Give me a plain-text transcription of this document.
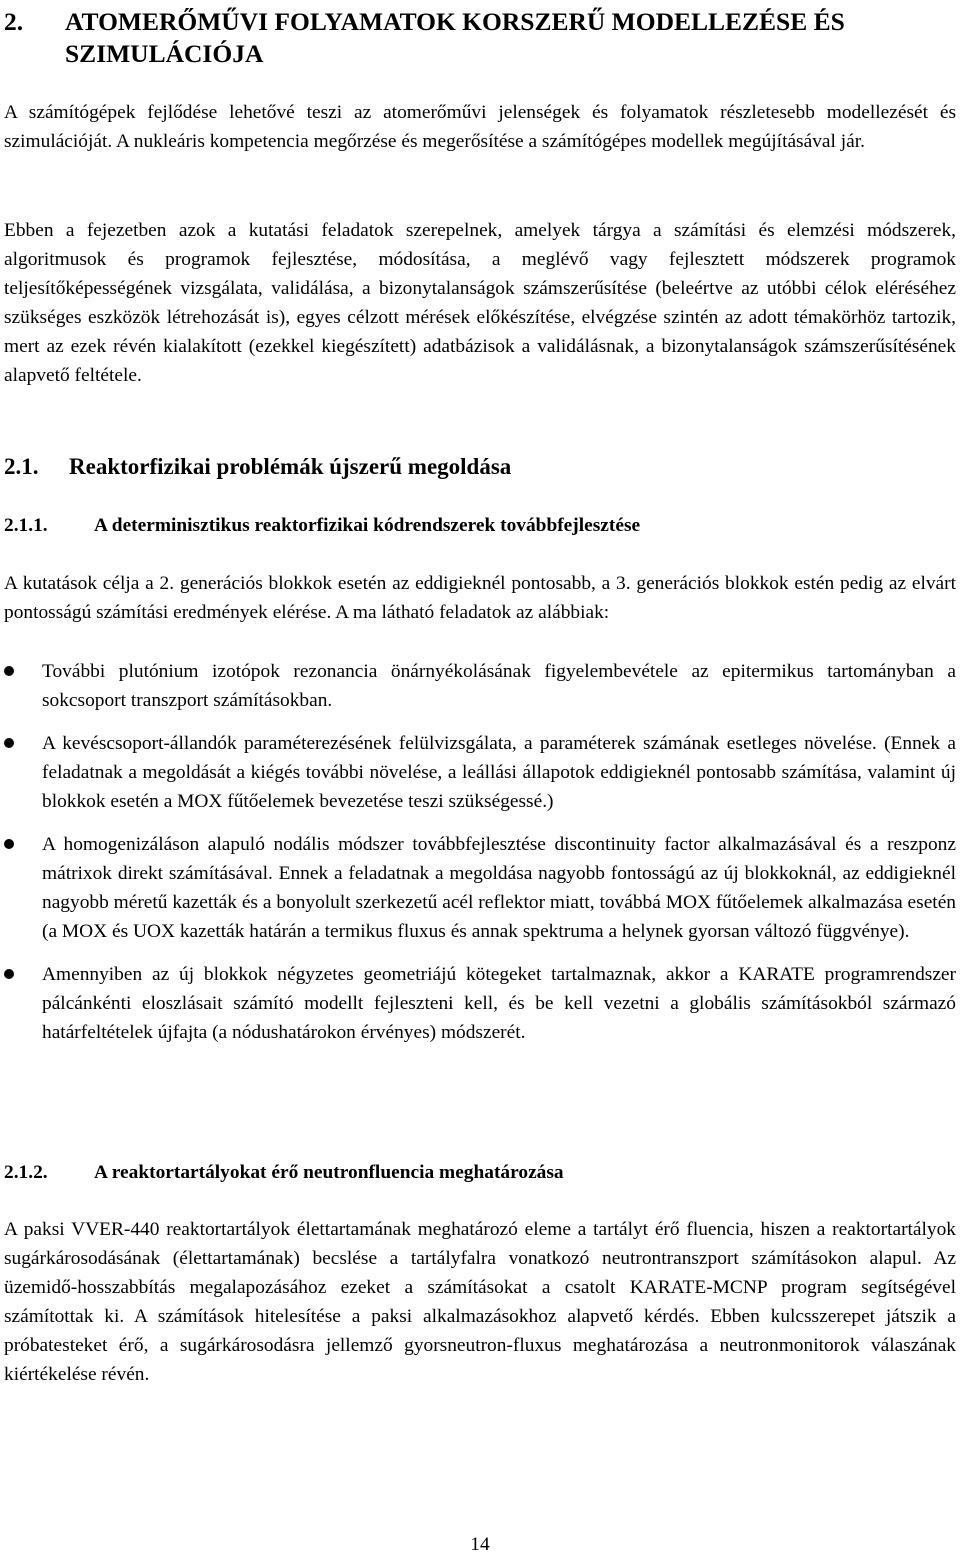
2. ATOMERŐMŰVI FOLYAMATOK KORSZERŰ MODELLEZÉSE ÉS SZIMULÁCIÓJA

A számítógépek fejlődése lehetővé teszi az atomerőművi jelenségek és folyamatok részletesebb modellezését és szimulációját. A nukleáris kompetencia megőrzése és megerősítése a számítógépes modellek megújításával jár.

Ebben a fejezetben azok a kutatási feladatok szerepelnek, amelyek tárgya a számítási és elemzési módszerek, algoritmusok és programok fejlesztése, módosítása, a meglévő vagy fejlesztett módszerek programok teljesítőképességének vizsgálata, validálása, a bizonytalanságok számszerűsítése (beleértve az utóbbi célok eléréséhez szükséges eszközök létrehozását is), egyes célzott mérések előkészítése, elvégzése szintén az adott témakörhöz tartozik, mert az ezek révén kialakított (ezekkel kiegészített) adatbázisok a validálásnak, a bizonytalanságok számszerűsítésének alapvető feltétele.

2.1. Reaktorfizikai problémák újszerű megoldása
2.1.1. A determinisztikus reaktorfizikai kódrendszerek továbbfejlesztése

A kutatások célja a 2. generációs blokkok esetén az eddigieknél pontosabb, a 3. generációs blokkok estén pedig az elvárt pontosságú számítási eredmények elérése. A ma látható feladatok az alábbiak:

További plutónium izotópok rezonancia önárnyékolásának figyelembevétele az epitermikus tartományban a sokcsoport transzport számításokban.
A kevéscsoport-állandók paraméterezésének felülvizsgálata, a paraméterek számának esetleges növelése. (Ennek a feladatnak a megoldását a kiégés további növelése, a leállási állapotok eddigieknél pontosabb számítása, valamint új blokkok esetén a MOX fűtőelemek bevezetése teszi szükségessé.)
A homogenizáláson alapuló nodális módszer továbbfejlesztése discontinuity factor alkalmazásával és a reszponz mátrixok direkt számításával. Ennek a feladatnak a megoldása nagyobb fontosságú az új blokkoknál, az eddigieknél nagyobb méretű kazetták és a bonyolult szerkezetű acél reflektor miatt, továbbá MOX fűtőelemek alkalmazása esetén (a MOX és UOX kazetták határán a termikus fluxus és annak spektruma a helynek gyorsan változó függvénye).
Amennyiben az új blokkok négyzetes geometriájú kötegeket tartalmaznak, akkor a KARATE programrendszer pálcánkénti eloszlásait számító modellt fejleszteni kell, és be kell vezetni a globális számításokból származó határfeltételek újfajta (a nódushatárokon érvényes) módszerét.
2.1.2. A reaktortartályokat érő neutronfluencia meghatározása

A paksi VVER-440 reaktortartályok élettartamának meghatározó eleme a tartályt érő fluencia, hiszen a reaktortartályok sugárkárosodásának (élettartamának) becslése a tartályfalra vonatkozó neutrontranszport számításokon alapul. Az üzemidő-hosszabbítás megalapozásához ezeket a számításokat a csatolt KARATE-MCNP program segítségével számítottak ki. A számítások hitelesítése a paksi alkalmazásokhoz alapvető kérdés. Ebben kulcsszerepet játszik a próbatesteket érő, a sugárkárosodásra jellemző gyorsneutron-fluxus meghatározása a neutronmonitorok válaszának kiértékelése révén.

14
